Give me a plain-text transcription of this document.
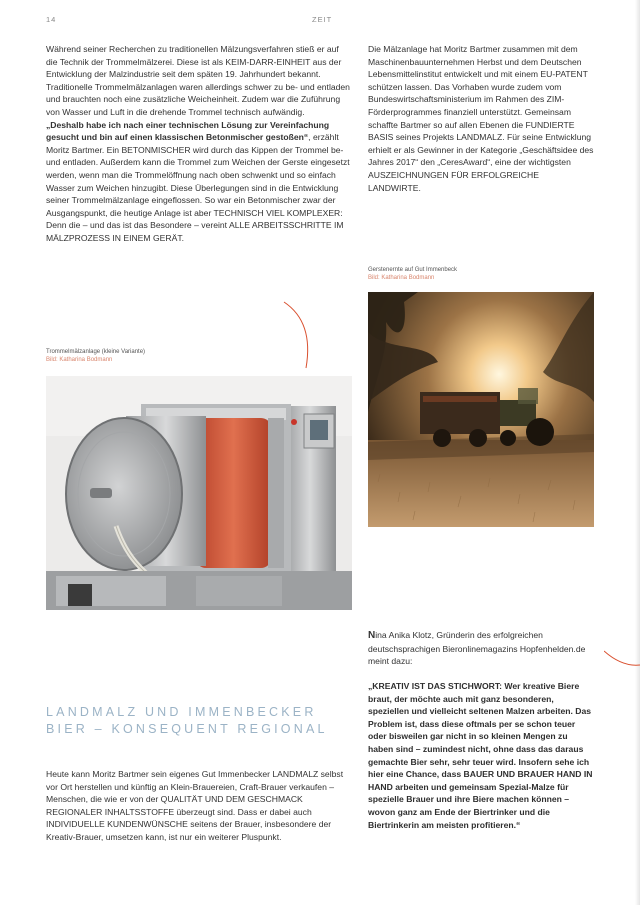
14	ZEIT

Während seiner Recherchen zu traditionellen Mälzungsverfahren stieß er auf die Technik der Trommelmälzerei. Diese ist als KEIM-DARR-EINHEIT aus der Entwicklung der Malzindustrie seit dem späten 19. Jahrhundert bekannt. Traditionelle Trommelmälzanlagen waren allerdings schwer zu be- und entladen und brauchten noch eine zusätzliche Weicheinheit. Zudem war die Zuführung von Wasser und Luft in die drehende Trommel technisch aufwändig.

„Deshalb habe ich nach einer technischen Lösung zur Vereinfachung gesucht und bin auf einen klassischen Betonmischer gestoßen“, erzählt Moritz Bartmer. Ein BETONMISCHER wird durch das Kippen der Trommel be- und entladen. Außerdem kann die Trommel zum Weichen der Gerste eingesetzt werden, wenn man die Trommelöffnung nach oben schwenkt und so einfach Wasser zum Weichen hinzugibt. Diese Überlegungen sind in die Entwicklung seiner Trommelmälzanlage eingeflossen. So war ein Betonmischer zwar der Ausgangspunkt, die heutige Anlage ist aber TECHNISCH VIEL KOMPLEXER: Denn die – und das ist das Besondere – vereint ALLE ARBEITSSCHRITTE IM MÄLZPROZESS IN EINEM GERÄT.

Die Mälzanlage hat Moritz Bartmer zusammen mit dem Maschinenbauunternehmen Herbst und dem Deutschen Lebensmittelinstitut entwickelt und mit einem EU-PATENT schützen lassen. Das Vorhaben wurde zudem vom Bundeswirtschaftsministerium im Rahmen des ZIM-Förderprogrammes finanziell unterstützt. Gemeinsam schaffte Bartmer so auf allen Ebenen die FUNDIERTE BASIS seines Projekts LANDMALZ. Für seine Entwicklung erhielt er als Gewinner in der Kategorie „Geschäftsidee des Jahres 2017“ den „CeresAward“, eine der wichtigsten AUSZEICHNUNGEN FÜR ERFOLGREICHE LANDWIRTE.

Trommelmälzanlage (kleine Variante)
Bild: Katharina Bodmann
Gerstenernte auf Gut Immenbeck
Bild: Katharina Bodmann

Nina Anika Klotz, Gründerin des erfolgreichen deutschsprachigen Bieronlinemagazins Hopfenhelden.de meint dazu:

„KREATIV IST DAS STICHWORT: Wer kreative Biere braut, der möchte auch mit ganz besonderen, speziellen und vielleicht seltenen Malzen arbeiten. Das Problem ist, dass diese oftmals per se schon teuer oder bisweilen gar nicht in so kleinen Mengen zu haben sind – zumindest nicht, ohne dass das daraus gemachte Bier sehr, sehr teuer wird. Insofern sehe ich hier eine Chance, dass BAUER UND BRAUER HAND IN HAND arbeiten und gemeinsam Spezial-Malze für spezielle Brauer und ihre Biere machen können – wovon ganz am Ende der Biertrinker und die Biertrinkerin am meisten profitieren.“

LANDMALZ UND IMMENBECKER BIER – KONSEQUENT REGIONAL

Heute kann Moritz Bartmer sein eigenes Gut Immenbecker LANDMALZ selbst vor Ort herstellen und künftig an Klein-Brauereien, Craft-Brauer verkaufen – Menschen, die wie er von der QUALITÄT UND DEM GESCHMACK REGIONALER INHALTSSTOFFE überzeugt sind. Dass er dabei auch INDIVIDUELLE KUNDENWÜNSCHE seitens der Brauer, insbesondere der Kreativ-Brauer, umsetzen kann, ist nur ein weiterer Pluspunkt.
